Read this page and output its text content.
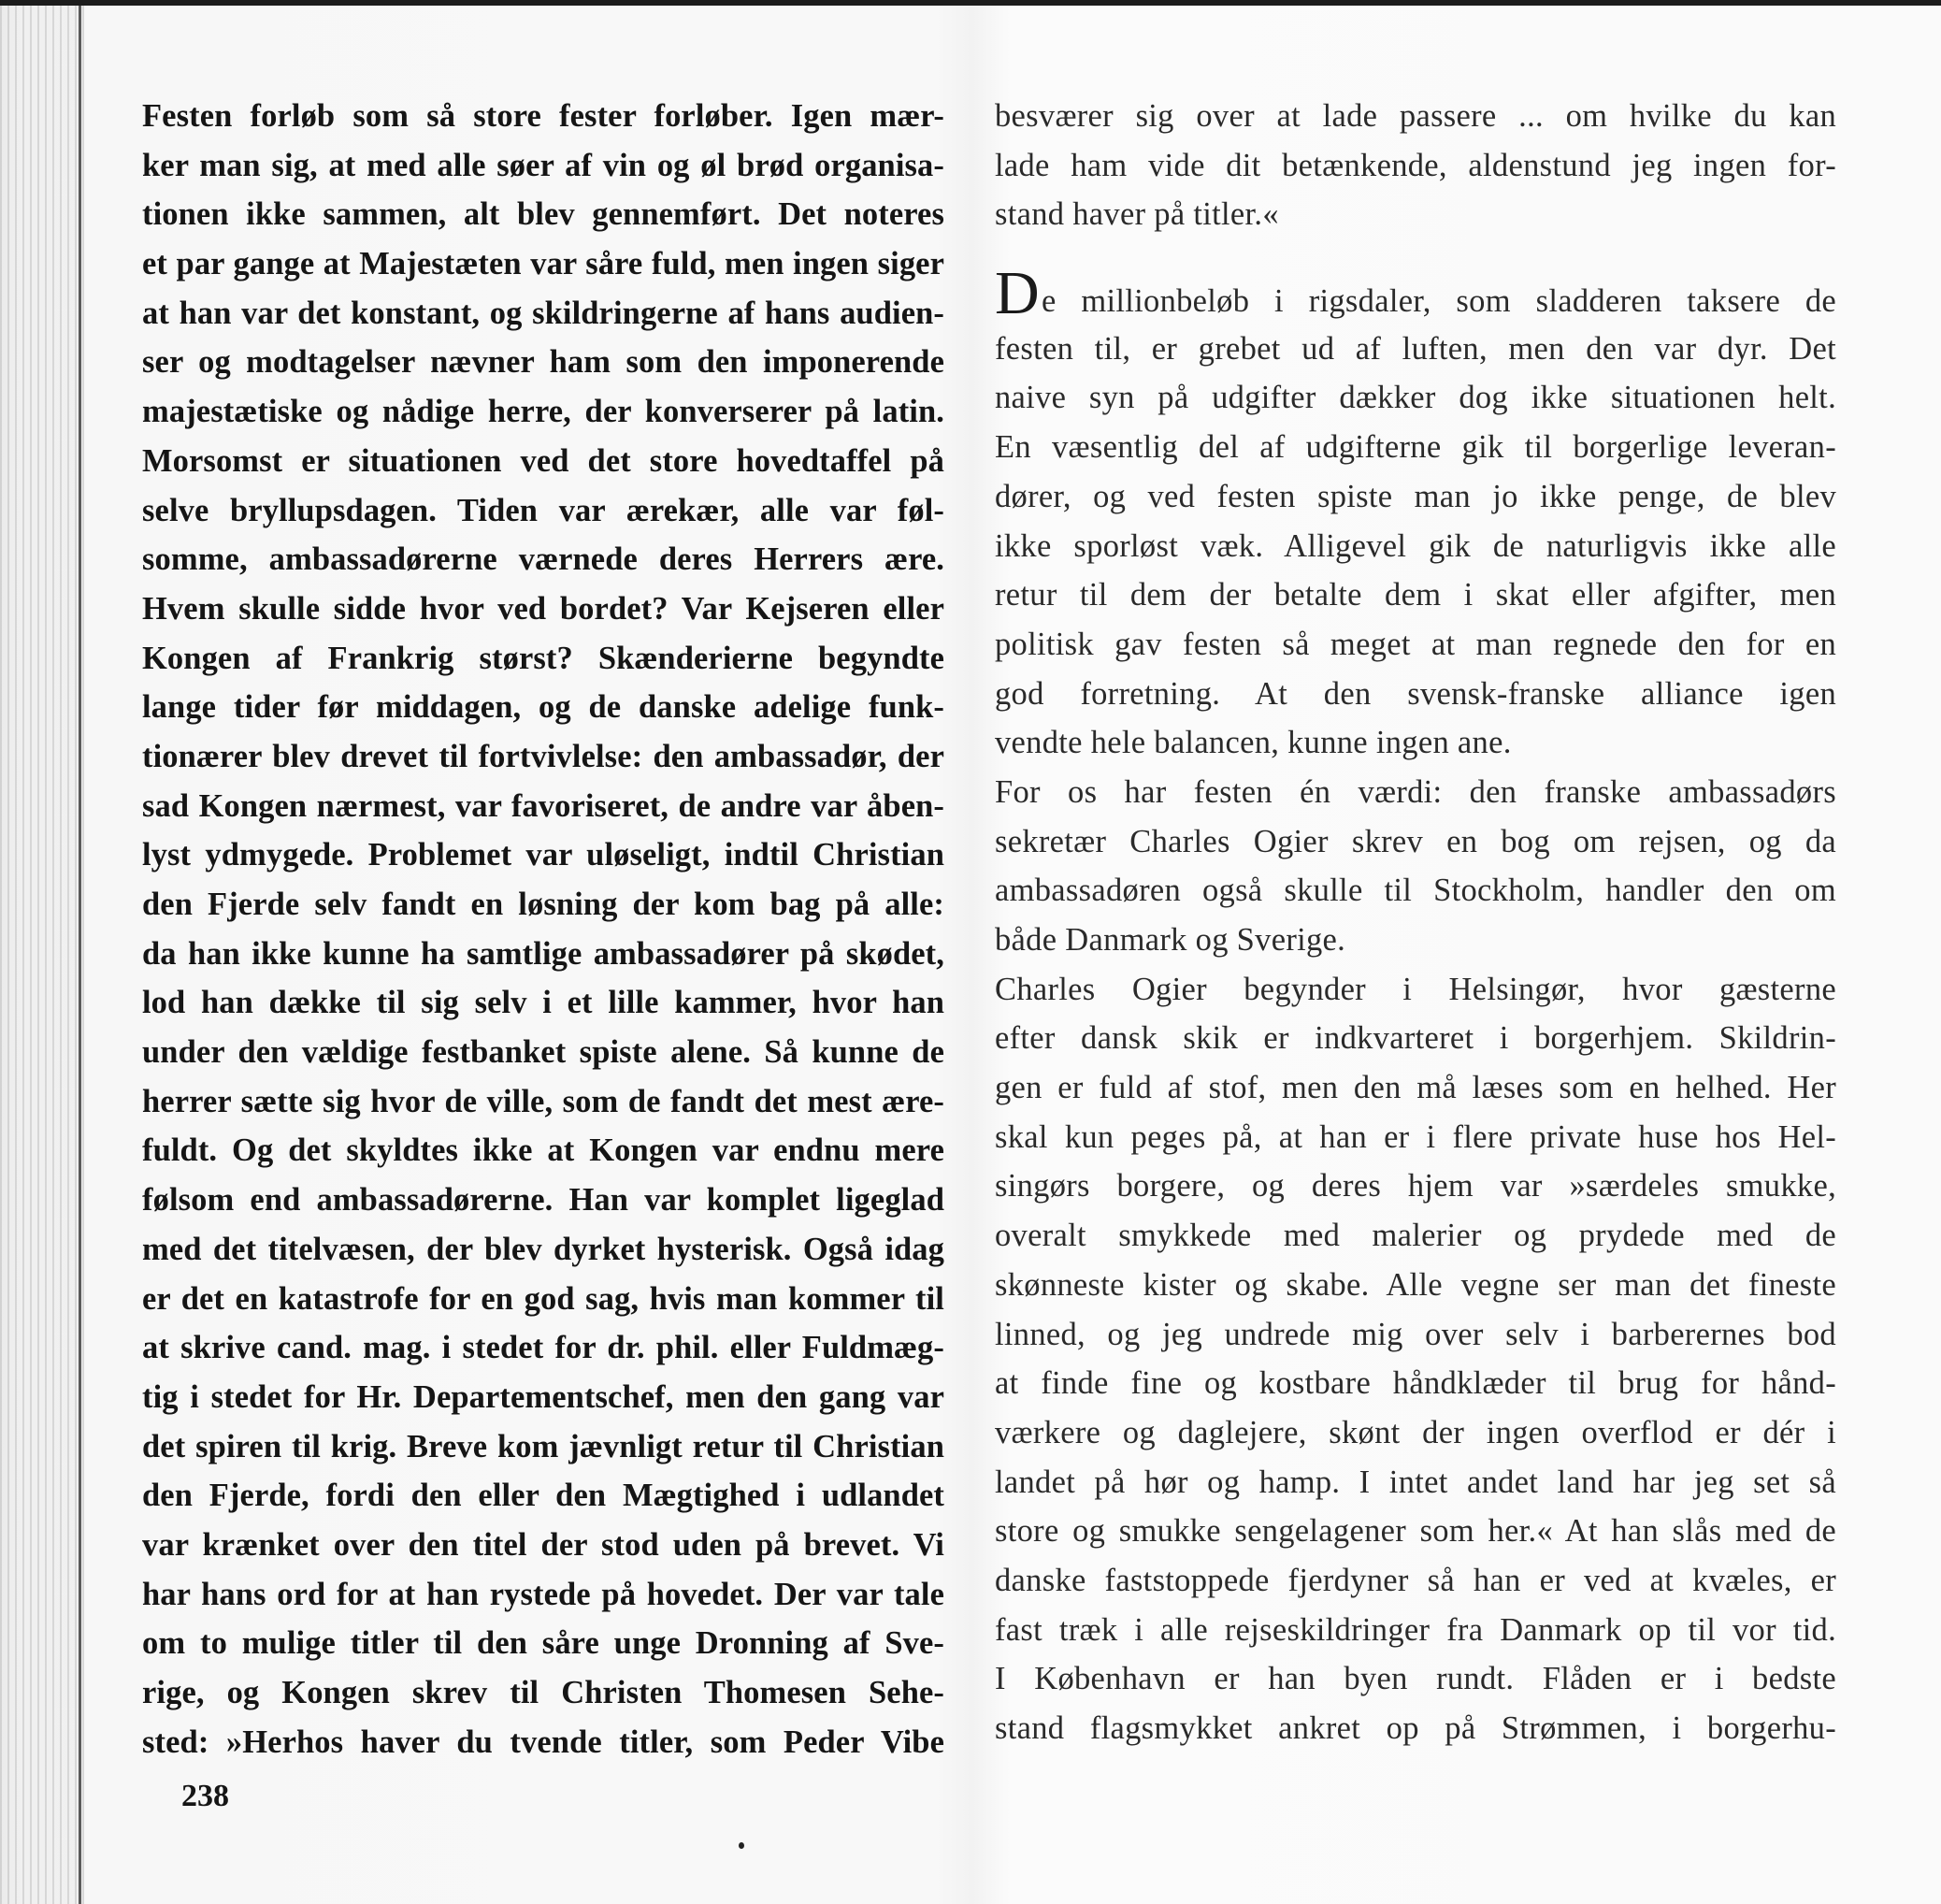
Festen forløb som så store fester forløber. Igen mær-
ker man sig, at med alle søer af vin og øl brød organisa-
tionen ikke sammen, alt blev gennemført. Det noteres
et par gange at Majestæten var såre fuld, men ingen siger
at han var det konstant, og skildringerne af hans audien-
ser og modtagelser nævner ham som den imponerende
majestætiske og nådige herre, der konverserer på latin.
Morsomst er situationen ved det store hovedtaffel på
selve bryllupsdagen. Tiden var ærekær, alle var føl-
somme, ambassadørerne værnede deres Herrers ære.
Hvem skulle sidde hvor ved bordet? Var Kejseren eller
Kongen af Frankrig størst? Skænderierne begyndte
lange tider før middagen, og de danske adelige funk-
tionærer blev drevet til fortvivlelse: den ambassadør, der
sad Kongen nærmest, var favoriseret, de andre var åben-
lyst ydmygede. Problemet var uløseligt, indtil Christian
den Fjerde selv fandt en løsning der kom bag på alle:
da han ikke kunne ha samtlige ambassadører på skødet,
lod han dække til sig selv i et lille kammer, hvor han
under den vældige festbanket spiste alene. Så kunne de
herrer sætte sig hvor de ville, som de fandt det mest ære-
fuldt. Og det skyldtes ikke at Kongen var endnu mere
følsom end ambassadørerne. Han var komplet ligeglad
med det titelvæsen, der blev dyrket hysterisk. Også idag
er det en katastrofe for en god sag, hvis man kommer til
at skrive cand. mag. i stedet for dr. phil. eller Fuldmæg-
tig i stedet for Hr. Departementschef, men den gang var
det spiren til krig. Breve kom jævnligt retur til Christian
den Fjerde, fordi den eller den Mægtighed i udlandet
var krænket over den titel der stod uden på brevet. Vi
har hans ord for at han rystede på hovedet. Der var tale
om to mulige titler til den såre unge Dronning af Sve-
rige, og Kongen skrev til Christen Thomesen Sehe-
sted: »Herhos haver du tvende titler, som Peder Vibe
238
besværer sig over at lade passere ... om hvilke du kan
lade ham vide dit betænkende, aldenstund jeg ingen for-
stand haver på titler.«
De millionbeløb i rigsdaler, som sladderen taksere de
festen til, er grebet ud af luften, men den var dyr. Det
naive syn på udgifter dækker dog ikke situationen helt.
En væsentlig del af udgifterne gik til borgerlige leveran-
dører, og ved festen spiste man jo ikke penge, de blev
ikke sporløst væk. Alligevel gik de naturligvis ikke alle
retur til dem der betalte dem i skat eller afgifter, men
politisk gav festen så meget at man regnede den for en
god forretning. At den svensk-franske alliance igen
vendte hele balancen, kunne ingen ane.
For os har festen én værdi: den franske ambassadørs
sekretær Charles Ogier skrev en bog om rejsen, og da
ambassadøren også skulle til Stockholm, handler den om
både Danmark og Sverige.
Charles Ogier begynder i Helsingør, hvor gæsterne
efter dansk skik er indkvarteret i borgerhjem. Skildrin-
gen er fuld af stof, men den må læses som en helhed. Her
skal kun peges på, at han er i flere private huse hos Hel-
singørs borgere, og deres hjem var »særdeles smukke,
overalt smykkede med malerier og prydede med de
skønneste kister og skabe. Alle vegne ser man det fineste
linned, og jeg undrede mig over selv i barberernes bod
at finde fine og kostbare håndklæder til brug for hånd-
værkere og daglejere, skønt der ingen overflod er dér i
landet på hør og hamp. I intet andet land har jeg set så
store og smukke sengelagener som her.« At han slås med de
danske faststoppede fjerdyner så han er ved at kvæles, er
fast træk i alle rejseskildringer fra Danmark op til vor tid.
I København er han byen rundt. Flåden er i bedste
stand flagsmykket ankret op på Strømmen, i borgerhu-
